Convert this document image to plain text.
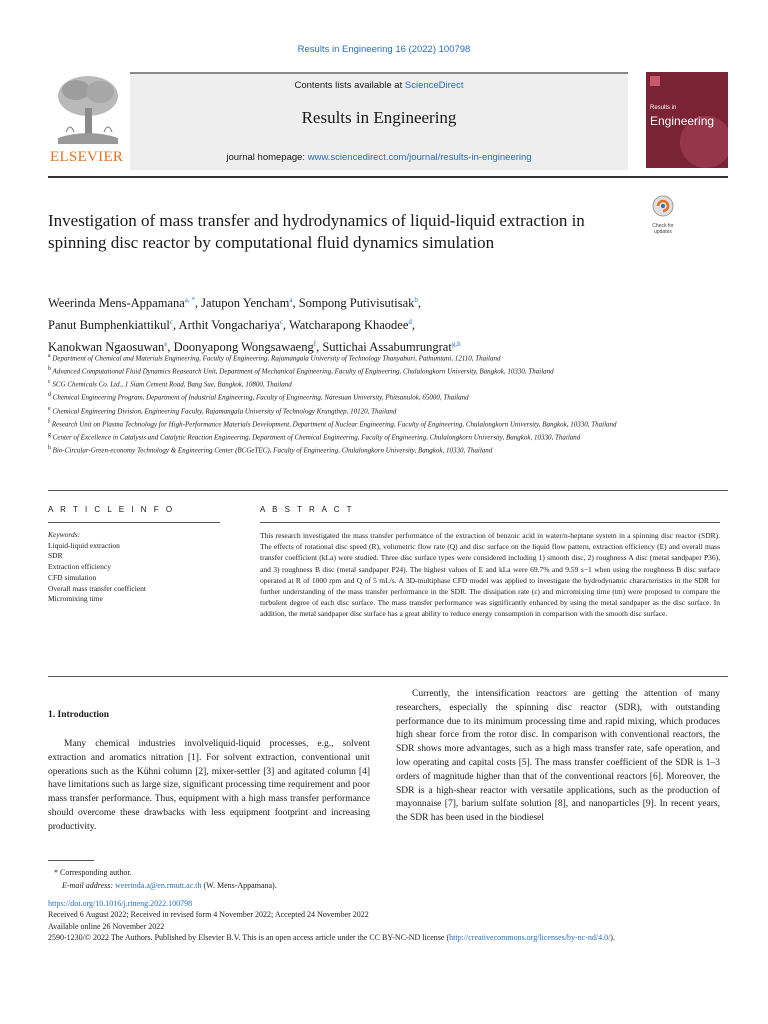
Results in Engineering 16 (2022) 100798
ELSEVIER
Contents lists available at ScienceDirect
Results in Engineering
journal homepage: www.sciencedirect.com/journal/results-in-engineering
Results in
Engineering
Investigation of mass transfer and hydrodynamics of liquid-liquid extraction in spinning disc reactor by computational fluid dynamics simulation
Check for updates
Weerinda Mens-Appamana$^{a, *}$, Jatupon Yencham$^a$, Sompong Putivisutisak$^b$,
Panut Bumphenkiattikul$^c$, Arthit Vongachariya$^c$, Watcharapong Khaodee$^d$,
Kanokwan Ngaosuwan$^e$, Doonyapong Wongsawaeng$^f$, Suttichai Assabumrungrat$^{g,h}$
$^a$ Department of Chemical and Materials Engineering, Faculty of Engineering, Rajamangala University of Technology Thanyaburi, Pathumtani, 12110, Thailand
$^b$ Advanced Computational Fluid Dynamics Reasearch Unit, Department of Mechanical Engineering, Faculty of Engineering, Chulalongkorn University, Bangkok, 10330, Thailand
$^c$ SCG Chemicals Co. Ltd., 1 Siam Cement Road, Bang Sue, Bangkok, 10800, Thailand
$^d$ Chemical Engineering Program, Department of Industrial Engineering, Faculty of Engineering, Naresuan University, Phitsanulok, 65000, Thailand
$^e$ Chemical Engineering Division, Engineering Faculty, Rajamangala University of Technology Krungthep, 10120, Thailand
$^f$ Research Unit on Plasma Technology for High-Performance Materials Development, Department of Nuclear Engineering, Faculty of Engineering, Chulalongkorn University, Bangkok, 10330, Thailand
$^g$ Center of Excellence in Catalysis and Catalytic Reaction Engineering, Department of Chemical Engineering, Faculty of Engineering, Chulalongkorn University, Bangkok, 10330, Thailand
$^h$ Bio-Circular-Green-economy Technology & Engineering Center (BCGeTEC), Faculty of Engineering, Chulalongkorn University, Bangkok, 10330, Thailand
A R T I C L E I N F O	A B S T R A C T
Keywords:
Liquid-liquid extraction
SDR
Extraction efficiency
CFD simulation
Overall mass transfer coefficient
Micromixing time
This research investigated the mass transfer performance of the extraction of benzoic acid in water/n-heptane system in a spinning disc reactor (SDR). The effects of rotational disc speed (R), volumetric flow rate (Q) and disc surface on the liquid flow pattern, extraction efficiency (E) and overall mass transfer coefficient (kLa) were studied. Three disc surface types were considered including 1) smooth disc, 2) roughness A disc (metal sandpaper P36), and 3) roughness B disc (metal sandpaper P24). The highest values of E and kLa were 69.7% and 9.59 s−1 when using the roughness B disc surface operated at R of 1000 rpm and Q of 5 mL/s. A 3D-multiphase CFD model was applied to investigate the hydrodynamic characteristics in the SDR for further understanding of the mass transfer performance in the SDR. The dissipation rate (ε) and micromixing time (tm) were proposed to compare the turbulent degree of each disc surface. The mass transfer performance was significantly enhanced by using the metal sandpaper as the disc surface. In addition, the metal sandpaper disc surface has a great ability to reduce energy consumption in comparison with the smooth disc surface.
1. Introduction
Many chemical industries involveliquid-liquid processes, e.g., solvent extraction and aromatics nitration [1]. For solvent extraction, conventional unit operations such as the Kühni column [2], mixer-settler [3] and agitated column [4] have limitations such as large size, significant processing time requirement and poor mass transfer performance. Thus, equipment with a high mass transfer performance should overcome these drawbacks with less equipment footprint and increasing productivity.
Currently, the intensification reactors are getting the attention of many researchers, especially the spinning disc reactor (SDR), with outstanding performance due to its minimum processing time and rapid mixing, which produces high shear force from the rotor disc. In comparison with conventional reactors, the SDR shows more advantages, such as a high mass transfer rate, safe operation, and low operating and capital costs [5]. The mass transfer coefficient of the SDR is 1–3 orders of magnitude higher than that of the conventional reactors [6]. Moreover, the SDR is a high-shear reactor with versatile applications, such as the production of mayonnaise [7], barium sulfate solution [8], and nanoparticles [9]. In recent years, the SDR has been used in the biodiesel
* Corresponding author.
E-mail address: weerinda.a@en.rmutt.ac.th (W. Mens-Appamana).
https://doi.org/10.1016/j.rineng.2022.100798
Received 6 August 2022; Received in revised form 4 November 2022; Accepted 24 November 2022
Available online 26 November 2022
2590-1230/© 2022 The Authors. Published by Elsevier B.V. This is an open access article under the CC BY-NC-ND license (http://creativecommons.org/licenses/by-nc-nd/4.0/).
